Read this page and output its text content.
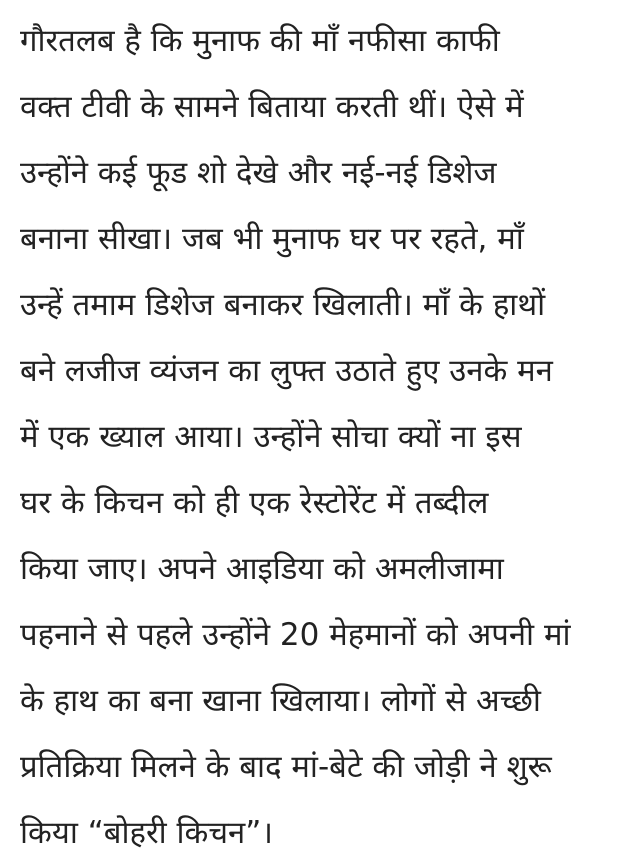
गौरतलब है कि मुनाफ की माँ नफीसा काफी
वक्त टीवी के सामने बिताया करती थीं। ऐसे में
उन्होंने कई फूड शो देखे और नई-नई डिशेज
बनाना सीखा। जब भी मुनाफ घर पर रहते, माँ
उन्हें तमाम डिशेज बनाकर खिलाती। माँ के हाथों
बने लजीज व्यंजन का लुफ्त उठाते हुए उनके मन
में एक ख्याल आया। उन्होंने सोचा क्यों ना इस
घर के किचन को ही एक रेस्टोरेंट में तब्दील
किया जाए। अपने आइडिया को अमलीजामा
पहनाने से पहले उन्होंने 20 मेहमानों को अपनी मां
के हाथ का बना खाना खिलाया। लोगों से अच्छी
प्रतिक्रिया मिलने के बाद मां-बेटे की जोड़ी ने शुरू
किया “बोहरी किचन”।
